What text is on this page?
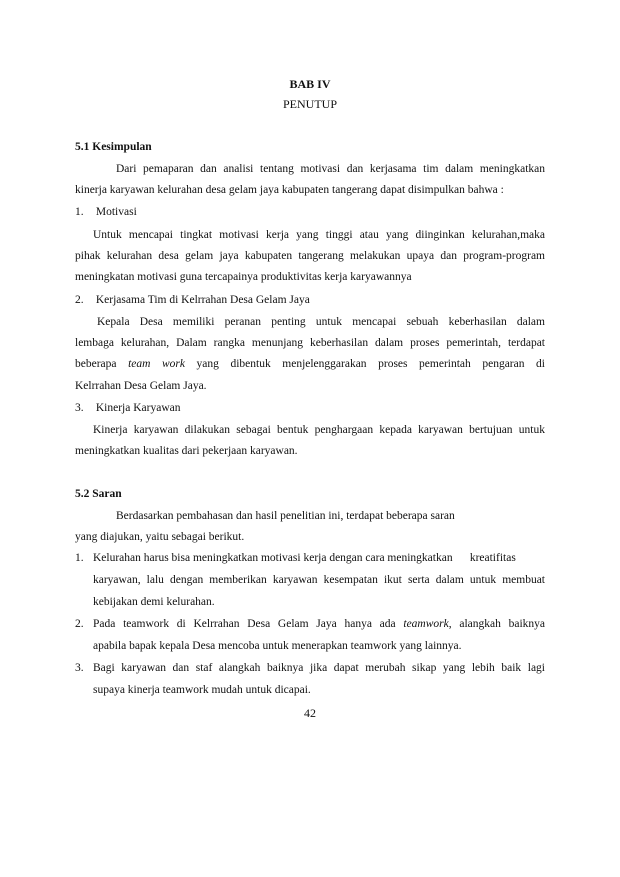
BAB IV
PENUTUP
5.1 Kesimpulan
Dari pemaparan dan analisi tentang motivasi dan kerjasama tim dalam meningkatkan
kinerja karyawan kelurahan desa gelam jaya kabupaten tangerang dapat disimpulkan bahwa :
1. Motivasi
Untuk mencapai tingkat motivasi kerja yang tinggi atau yang diinginkan kelurahan,maka
pihak kelurahan desa gelam jaya kabupaten tangerang melakukan upaya dan program-program
meningkatan motivasi guna tercapainya produktivitas kerja karyawannya
2. Kerjasama Tim di Kelrrahan Desa Gelam Jaya
Kepala Desa memiliki peranan penting untuk mencapai sebuah keberhasilan dalam
lembaga kelurahan, Dalam rangka menunjang keberhasilan dalam proses pemerintah, terdapat
beberapa team work yang dibentuk menjelenggarakan proses pemerintah pengaran di
Kelrrahan Desa Gelam Jaya.
3. Kinerja Karyawan
Kinerja karyawan dilakukan sebagai bentuk penghargaan kepada karyawan bertujuan untuk
meningkatkan kualitas dari pekerjaan karyawan.
5.2 Saran
Berdasarkan pembahasan dan hasil penelitian ini, terdapat beberapa saran
yang diajukan, yaitu sebagai berikut.
1. Kelurahan harus bisa meningkatkan motivasi kerja dengan cara meningkatkan      kreatifitas
karyawan, lalu dengan memberikan karyawan kesempatan ikut serta dalam untuk membuat
kebijakan demi kelurahan.
2. Pada teamwork di Kelrrahan Desa Gelam Jaya hanya ada teamwork, alangkah baiknya
apabila bapak kepala Desa mencoba untuk menerapkan teamwork yang lainnya.
3. Bagi karyawan dan staf alangkah baiknya jika dapat merubah sikap yang lebih baik lagi
supaya kinerja teamwork mudah untuk dicapai.
42
